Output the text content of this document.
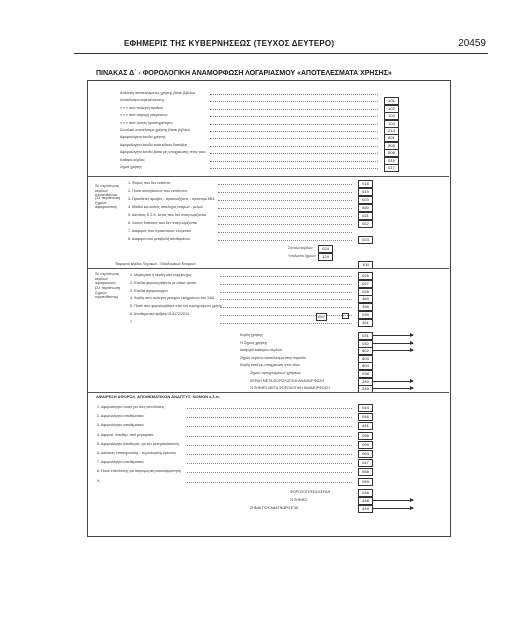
ΕΦΗΜΕΡΙΣ ΤΗΣ ΚΥΒΕΡΝΗΣΕΩΣ (ΤΕΥΧΟΣ ΔΕΥΤΕΡΟ)	20459
ΠΙΝΑΚΑΣ Δ΄ - ΦΟΡΟΛΟΓΙΚΗ ΑΝΑΜΟΡΦΩΣΗ ΛΟΓΑΡΙΑΣΜΟΥ «ΑΠΟΤΕΛΕΣΜΑΤΑ ΧΡΗΣΗΣ»
Ανάλυση αποτελέσματος χρήσης βάσει βιβλίων
Αποτέλεσμα εκμετάλλευσης	101
» » » από πώληση αγαθών	102
» » » από παροχή υπηρεσιών	103
» » » από λοιπές δραστηριότητες	104
Συνολικό αποτέλεσμα χρήσης βάσει βιβλίων	213
Αφορολόγητα έσοδα χρήσης	801
Αφορολόγητα έσοδα κατά ειδικές διατάξεις	805
Αφορολόγητα έσοδα βάσει μη υποχρέωσης στον τόκο	806
Καθαρό κέρδος	016
Ζημιά χρήσης	017
Σε περίπτωση κερδών προστίθενται
(Σε περίπτωση ζημιών αφαιρούνται)
1. Φόρος που δεν εκπίπτει	018
2. Ποσά αποσβέσεων που εκπίπτουν	019
3. Πρόσθετες αμοιβές - προσαυξήσεις - πρόστιμα ΚΒΣ	020
4. Μισθοί και λοιπές αποδοχές εταίρων - μελών	450
5. Δαπάνες Ε.Σ.Κ. εκτός που δεν αναγνωρίζονται	021
6. Λοιπές δαπάνες που δεν αναγνωρίζονται	022
7. Διαφορές που προκύπτουν ελεγκτικά
8. Διαφορά από μεταβολή αποθεμάτων	023
Σύνολο κερδών	024
Υπόλοιπο ζημιών	124
Τεκμαρτό κέρδος Τεχνικών - Οικοδομικών Εταιριών	100
Σε περίπτωση κερδών αφαιρούνται
(Σε περίπτωση ζημιών προστίθενται)
1. Μερίσματα ή κέρδη από συμμετοχές	026
2. Έσοδα φορολογηθέντα με ειδικό τρόπο	027
3. Έσοδα Αφορολόγητα	028
4. Κέρδη από πώληση μετοχών εισηγμένων στο ΧΑΑ	460
5. Ποσό που φορολογήθηκε από τον προηγούμενο χρόνο	456
6. Αποθεματικό άρθρου Ν.4172/2013	030
7.	461
057
Κέρδη χρήσης	031
Ή Ζημιές χρήσης	032
Διαφορά καθαρών κερδών	802
Ζημιές κερδών αποτέλεσμα στην περίοδο	803
Κέρδη κατά μη υποχρέωση στον τόκο	804
Ζημιές προηγούμενων χρήσεων	038
ΚΕΡΔΗ ΜΕΤΑ ΦΟΡΟΛΟΓΙΚΗ ΑΝΑΜΟΡΦΩΣΗ	240
Ή ΖΗΜΙΕΣ ΜΕΤΑ ΦΟΡΟΛΟΓΙΚΗ ΑΝΑΜΟΡΦΩΣΗ	240
ΑΦΑΙΡΕΣΗ ΑΦΟΡΟΛ. ΑΠΟΘΕΜΑΤΙΚΩΝ ΑΝΑΠΤΥΞ. ΝΟΜΩΝ κ.λ.π.
1. Αφορολόγητο ποσό για νέες επενδύσεις	044
2. Αφορολόγητο αποθεματικό	046
3. Αφορολόγητο αποθεματικό	461
4. Αφορολ. Αποθεμ. από μερίσματα	098
5. Αφορολόγητο Αποθεματ. για την μετεγκατάσταση	099
6. Δαπάνες επιστημονικής - τεχνολογικής έρευνας	063
7. Αφορολόγητο αποθεματικό	047
8. Ποσό επένδυσης για παραγωγική ανασυγκρότηση	058
9.	059
ΦΟΡΟΛΟΓΗΤΕΑ ΚΕΡΔΗ	048
Ή ΖΗΜΙΕΣ	448
ΖΗΜΙΑ ΠΟΥ ΑΝΑΓΝΩΡΙΖΕΤΑΙ	449
